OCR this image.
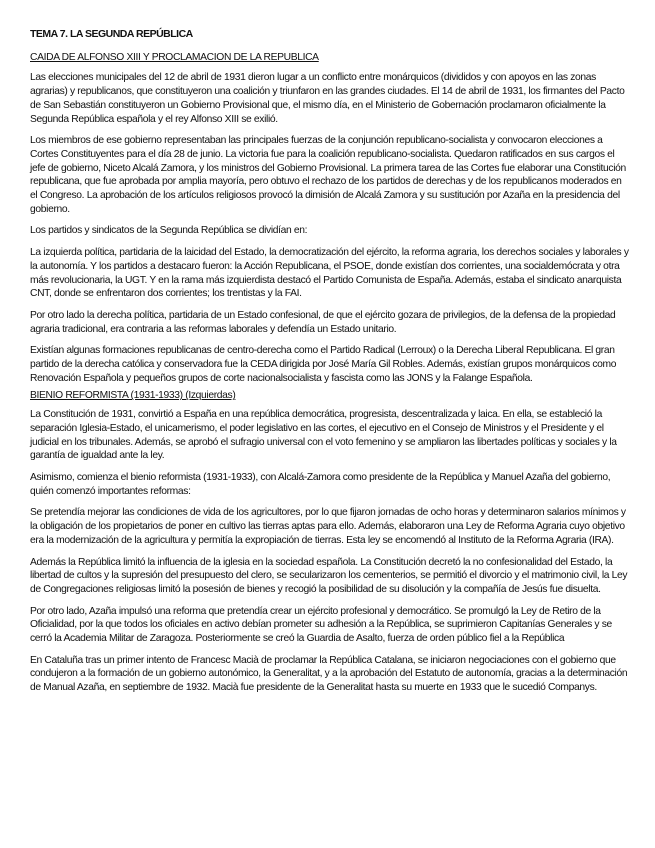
TEMA 7. LA SEGUNDA REPÚBLICA
CAIDA DE ALFONSO XIII Y PROCLAMACION DE LA REPUBLICA

Las elecciones municipales del 12 de abril de 1931 dieron lugar a un conflicto entre monárquicos (divididos y con apoyos en las zonas agrarias) y republicanos, que constituyeron una coalición y triunfaron en las grandes ciudades. El 14 de abril de 1931, los firmantes del Pacto de San Sebastián constituyeron un Gobierno Provisional que, el mismo día, en el Ministerio de Gobernación proclamaron oficialmente la Segunda República española y el rey Alfonso XIII se exilió.

Los miembros de ese gobierno representaban las principales fuerzas de la conjunción republicano-socialista y convocaron elecciones a Cortes Constituyentes para el día 28 de junio. La victoria fue para la coalición republicano-socialista. Quedaron ratificados en sus cargos el jefe de gobierno, Niceto Alcalá Zamora, y los ministros del Gobierno Provisional. La primera tarea de las Cortes fue elaborar una Constitución republicana, que fue aprobada por amplia mayoría, pero obtuvo el rechazo de los partidos de derechas y de los republicanos moderados en el Congreso. La aprobación de los artículos religiosos provocó la dimisión de Alcalá Zamora y su sustitución por Azaña en la presidencia del gobierno.

Los partidos y sindicatos de la Segunda República se dividían en:

La izquierda política, partidaria de la laicidad del Estado, la democratización del ejército, la reforma agraria, los derechos sociales y laborales y la autonomía. Y los partidos a destacaro fueron: la Acción Republicana, el PSOE, donde existían dos corrientes, una socialdemócrata y otra más revolucionaria, la UGT. Y en la rama más izquierdista destacó el Partido Comunista de España. Además, estaba el sindicato anarquista CNT, donde se enfrentaron dos corrientes; los trentistas y la FAI.

Por otro lado la derecha política, partidaria de un Estado confesional, de que el ejército gozara de privilegios, de la defensa de la propiedad agraria tradicional, era contraria a las reformas laborales y defendía un Estado unitario.

Existían algunas formaciones republicanas de centro-derecha como el Partido Radical (Lerroux) o la Derecha Liberal Republicana. El gran partido de la derecha católica y conservadora fue la CEDA dirigida por José María Gil Robles. Además, existían grupos monárquicos como Renovación Española y pequeños grupos de corte nacionalsocialista y fascista como las JONS y la Falange Española.

BIENIO REFORMISTA (1931-1933) (Izquierdas)

La Constitución de 1931, convirtió a España en una república democrática, progresista, descentralizada y laica. En ella, se estableció la separación Iglesia-Estado, el unicamerismo, el poder legislativo en las cortes, el ejecutivo en el Consejo de Ministros y el Presidente y el judicial en los tribunales. Además, se aprobó el sufragio universal con el voto femenino y se ampliaron las libertades políticas y sociales y la garantía de igualdad ante la ley.

Asimismo, comienza el bienio reformista (1931-1933), con Alcalá-Zamora como presidente de la República y Manuel Azaña del gobierno, quién comenzó importantes reformas:

Se pretendía mejorar las condiciones de vida de los agricultores, por lo que fijaron jornadas de ocho horas y determinaron salarios mínimos y la obligación de los propietarios de poner en cultivo las tierras aptas para ello. Además, elaboraron una Ley de Reforma Agraria cuyo objetivo era la modernización de la agricultura y permitía la expropiación de tierras. Esta ley se encomendó al Instituto de la Reforma Agraria (IRA).

Además la República limitó la influencia de la iglesia en la sociedad española. La Constitución decretó la no confesionalidad del Estado, la libertad de cultos y la supresión del presupuesto del clero, se secularizaron los cementerios, se permitió el divorcio y el matrimonio civil, la Ley de Congregaciones religiosas limitó la posesión de bienes y recogió la posibilidad de su disolución y la compañía de Jesús fue disuelta.

Por otro lado, Azaña impulsó una reforma que pretendía crear un ejército profesional y democrático. Se promulgó la Ley de Retiro de la Oficialidad, por la que todos los oficiales en activo debían prometer su adhesión a la República, se suprimieron Capitanías Generales y se cerró la Academia Militar de Zaragoza. Posteriormente se creó la Guardia de Asalto, fuerza de orden público fiel a la República

En Cataluña tras un primer intento de Francesc Macià de proclamar la República Catalana, se iniciaron negociaciones con el gobierno que condujeron a la formación de un gobierno autonómico, la Generalitat, y a la aprobación del Estatuto de autonomía, gracias a la determinación de Manual Azaña, en septiembre de 1932. Macià fue presidente de la Generalitat hasta su muerte en 1933 que le sucedió Companys.
